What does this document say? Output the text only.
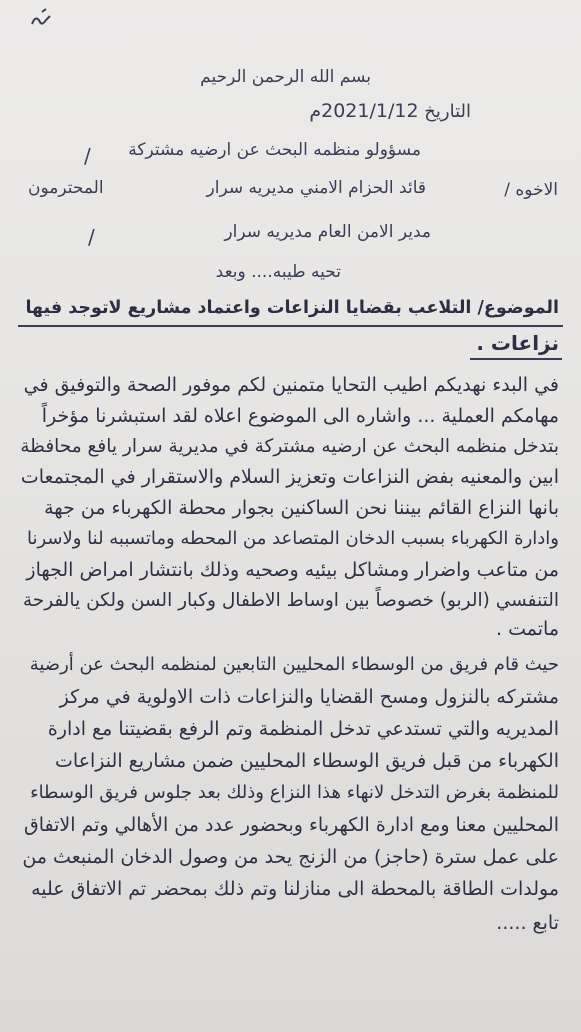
بسم الله الرحمن الرحيم
التاريخ 2021/1/12م
/ مسؤولو منظمه البحث عن ارضيه مشتركة
الاخوه /
قائد الحزام الامني مديريه سرار
المحترمون
/	مدير الامن العام مديريه سرار
تحيه طيبه.... وبعد
الموضوع/ التلاعب بقضايا النزاعات واعتماد مشاريع لاتوجد فيها
نزاعات .
في البدء نهديكم اطيب التحايا متمنين لكم موفور الصحة والتوفيق في
مهامكم العملية ... واشاره الى الموضوع اعلاه لقد استبشرنا مؤخراً
بتدخل منظمه البحث عن ارضيه مشتركة في مديرية سرار يافع محافظة
ابين والمعنيه بفض النزاعات وتعزيز السلام والاستقرار في المجتمعات
بانها النزاع القائم بيننا نحن الساكنين بجوار محطة الكهرباء من جهة
وادارة الكهرباء بسبب الدخان المتصاعد من المحطه وماتسببه لنا ولاسرنا
من متاعب واضرار ومشاكل بيئيه وصحيه وذلك بانتشار امراض الجهاز
التنفسي (الربو) خصوصاً بين اوساط الاطفال وكبار السن ولكن يالفرحة
ماتمت .
حيث قام فريق من الوسطاء المحليين التابعين لمنظمه البحث عن أرضية
مشتركه بالنزول ومسح القضايا والنزاعات ذات الاولوية في مركز
المديريه والتي تستدعي تدخل المنظمة وتم الرفع بقضيتنا مع ادارة
الكهرباء من قبل فريق الوسطاء المحليين ضمن مشاريع النزاعات
للمنظمة بغرض التدخل لانهاء هذا النزاع وذلك بعد جلوس فريق الوسطاء
المحليين معنا ومع ادارة الكهرباء وبحضور عدد من الأهالي وتم الاتفاق
على عمل سترة (حاجز) من الزنج يحد من وصول الدخان المنبعث من
مولدات الطاقة بالمحطة الى منازلنا وتم ذلك بمحضر تم الاتفاق عليه
تابع .....
